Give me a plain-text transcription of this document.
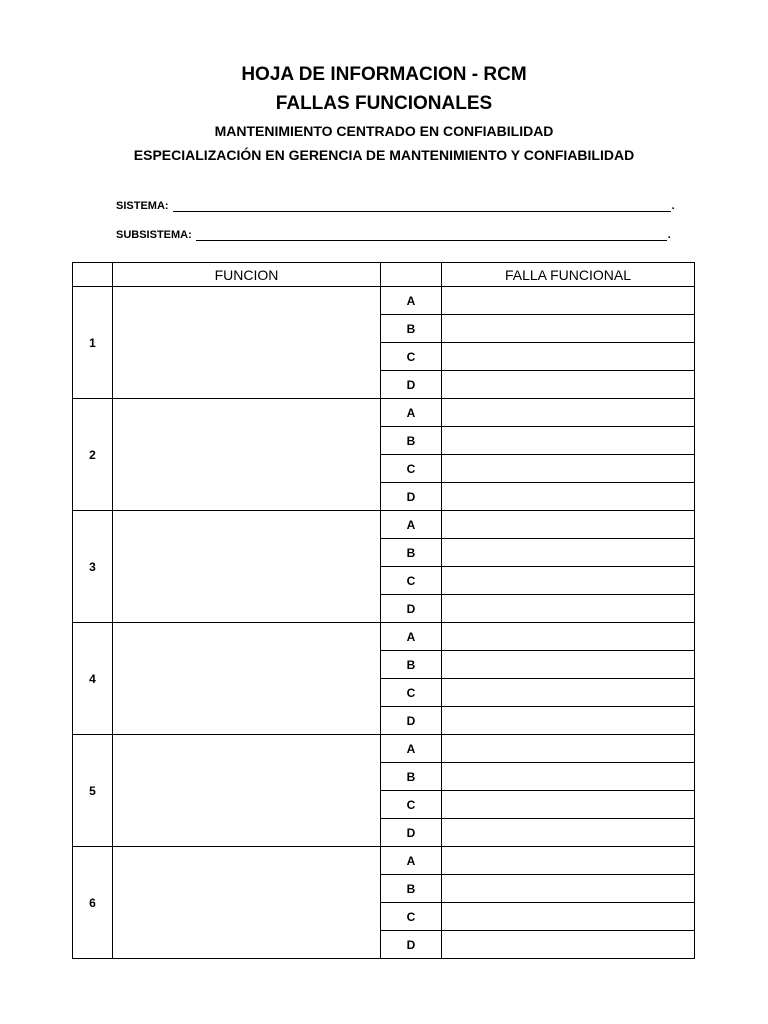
HOJA DE INFORMACION - RCM
FALLAS FUNCIONALES
MANTENIMIENTO CENTRADO EN CONFIABILIDAD
ESPECIALIZACIÓN EN GERENCIA DE MANTENIMIENTO Y CONFIABILIDAD
SISTEMA:	.
SUBSISTEMA:	.
	FUNCION		FALLA FUNCIONAL
1		A	
		B	
		C	
		D	
2		A	
		B	
		C	
		D	
3		A	
		B	
		C	
		D	
4		A	
		B	
		C	
		D	
5		A	
		B	
		C	
		D	
6		A	
		B	
		C	
		D	
